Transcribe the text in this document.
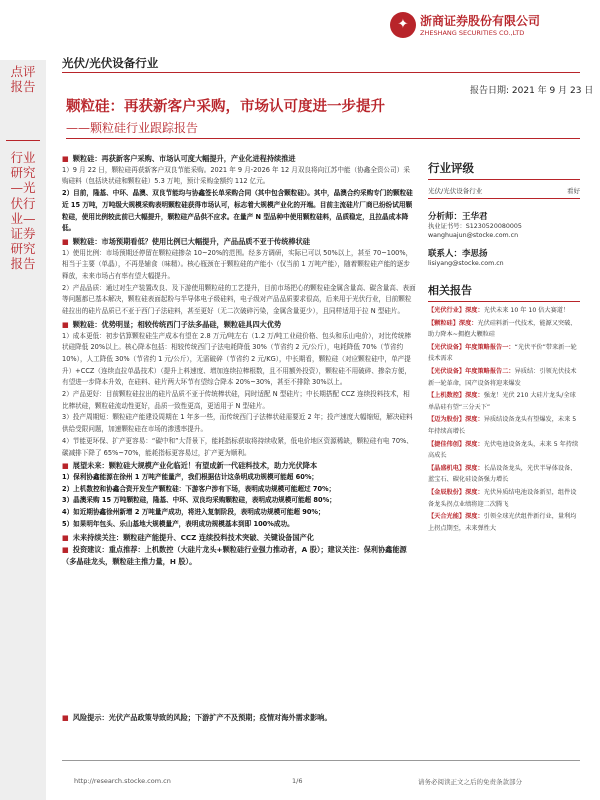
✦ 浙商证券股份有限公司
ZHESHANG SECURITIES CO.,LTD
光伏/光伏设备行业
点评报告
行业研究—光伏行业—证券研究报告
报告日期: 2021 年 9 月 23 日
颗粒硅：再获新客户采购，市场认可度进一步提升
——颗粒硅行业跟踪报告
■ 颗粒硅：再获新客户采购、市场认可度大幅提升，产业化进程持续推进
1）9 月 22 日，颗粒硅再获新客户双良节能采购。2021 年 9 月-2026 年 12 月双良将向江苏中能（协鑫全资公司）采购硅料（包括块状硅和颗粒硅）5.3 万吨，预计采购金额约 112 亿元。
2）目前，隆基、中环、晶澳、双良节能均与协鑫签长单采购合同（其中包含颗粒硅）。其中，晶澳合约采购专门的颗粒硅近 15 万吨，万吨级大规模采购表明颗粒硅获得市场认可，标志着大规模产业化的开端。目前主流硅片厂商已纷纷试用颗粒硅，使用比例较此前已大幅提升，颗粒硅产品供不应求。在量产 N 型品种中使用颗粒硅料，品质稳定，且拉晶成本降低。
■ 颗粒硅：市场预期看低？使用比例已大幅提升，产品品质不亚于传统棒状硅
1）使用比例：市场预期还停留在颗粒硅掺杂 10~20%的范围。经多方调研，实际已可以 50%以上，甚至 70~100%，相当于主要（单晶），不再是辅食（味精）。核心瓶颈在于颗粒硅的产能小（仅当前 1 万吨产能），随着颗粒硅产能的逐步释放，未来市场占有率有望大幅提升。
2）产品品质：通过对生产装置改良、及下游使用颗粒硅的工艺提升，目前市场把心的颗粒硅金属含量高、碳含量高、表面等问题都已基本解决，颗粒硅表面起粉与半导体电子级硅料，电子级对产品品质要求很高，后来用于光伏行业，目前颗粒硅拉出的硅片品质已不亚于西门子法硅料，甚至更好（无二次破碎污染，金属含量更少），且同样适用于拉 N 型硅片。
■ 颗粒硅：优势明显；相较传统西门子法多晶硅，颗粒硅具四大优势
1）成本更低：初步估算颗粒硅生产成本有望在 2.8 万元/吨左右（1.2 万/吨工业硅价格、包头和乐山电价），对比传统棒状硅降低 20%以上。核心降本包括：相较传统西门子法电耗降低 30%（节省约 2 元/公斤），电耗降低 70%（节省约 10%），人工降低 30%（节省约 1 元/公斤），无需破碎（节省约 2 元/KG），中长期看，颗粒硅（对应颗粒硅中，单产提升）+CCZ（连续直拉单晶技术）（提升上料速度、增加连续拉棒根数，且不用额外投资），颗粒硅不用破碎、掺杂方便，有望进一步降本升效，在硅料、硅片两大环节有望综合降本 20%~30%，甚至不排除 30%以上。
2）产品更好：目前颗粒硅拉出的硅片品质不亚于传统棒状硅，同时适配 N 型硅片；中长期搭配 CCZ 连续投料技术，相比棒状硅，颗粒硅流动性更好，品质一致性更高，更适用于 N 型硅片。
3）投产周期短：颗粒硅产能建设周期在 1 年多一些，而传统西门子法棒状硅需要近 2 年；投产速度大幅缩短，解决硅料供给受限问题，加速颗粒硅在市场的渗透率提升。
4）节能更环保、扩产更容易：“碳中和”大背景下，能耗指标获取将持续收紧，低电价地区资源稀缺，颗粒硅有电 70%、碳减排下降了 65%~70%，能耗指标更容易过，扩产更为顺利。
■ 展望未来：颗粒硅大规模产业化临近！有望成新一代硅料技术，助力光伏降本
1）保利协鑫能源在徐州 1 万吨产能量产，我们根据估计这条明成功规模可能超 60%；
2）上机数控和协鑫合资开发生产颗粒硅：下游客户涉有下场，表明成功规模可能超过 70%；
3）晶澳采购 15 万吨颗粒硅，隆基、中环、双良均采购颗粒硅，表明成功规模可能超 80%；
4）如近期协鑫徐州新增 2 万吨量产成功，将进入复制阶段，表明成功规模可能超 90%；
5）如果明年包头、乐山基地大规模量产，表明成功规模基本到即 100%成功。
■ 未来持续关注：颗粒硅产能提升、CCZ 连续投料技术突破、关键设备国产化
■ 投资建议：重点推荐：上机数控（大硅片龙头+颗粒硅行业强力推动者，A 股）；建议关注：保利协鑫能源（多晶硅龙头，颗粒硅主推力量，H 股）。
■ 风险提示：光伏产品政策导致的风险；下游扩产不及预期；疫情对海外需求影响。
行业评级
光伏/光伏设备行业	看好
分析师：王华君
执业证书号：S1230520080005
wanghuajun@stocke.com.cn
联系人：李思扬
lisiyang@stocke.com.cn
相关报告
【光伏行业】深度：光伏未来 10 年 10 倍大赛道！
【颗粒硅】深度：光伏硅料新一代技术，能源又突破、助力降本~拥抱大颗粒硅
【光伏设备】年度策略报告一：“光伏平价”带来新一轮技术需求
【光伏设备】年度策略报告二：异质结：引领光伏技术新一轮革命，国产设备将迎来爆发
【上机数控】深度：强龙！光伏 210 大硅片龙头/全球单晶硅有望“三分天下”
【迈为股份】深度：异质结设备龙头有望爆发，未来 5 年持续高增长
【捷佳伟创】深度：光伏电池设备龙头，未来 5 年持续高成长
【晶盛机电】深度：长晶设备龙头，光伏半导体设备、蓝宝石、碳化硅设备强力增长
【金辰股份】深度：光伏异质结电池设备新星，组件设备龙头拐点业绩将迎二次腾飞
【天合光能】深度：引领全球光伏组件新行业，量利均上拐点期至，未来弹性大
http://research.stocke.com.cn	1/6	请务必阅读正文之后的免责条款部分
